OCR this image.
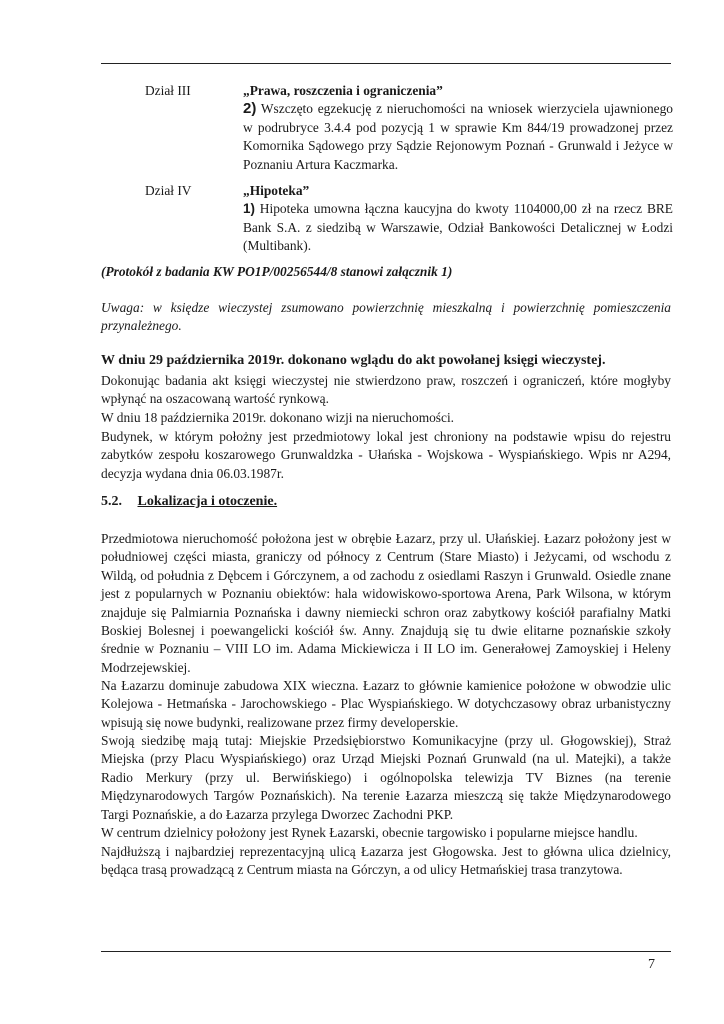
Dział III	„Prawa, roszczenia i ograniczenia”
2) Wszczęto egzekucję z nieruchomości na wniosek wierzyciela ujawnionego w podrubryce 3.4.4 pod pozycją 1 w sprawie Km 844/19 prowadzonej przez Komornika Sądowego przy Sądzie Rejonowym Poznań - Grunwald i Jeżyce w Poznaniu Artura Kaczmarka.
Dział IV	„Hipoteka”
1) Hipoteka umowna łączna kaucyjna do kwoty 1104000,00 zł na rzecz BRE Bank S.A. z siedzibą w Warszawie, Odział Bankowości Detalicznej w Łodzi (Multibank).
(Protokół z badania KW PO1P/00256544/8 stanowi załącznik 1)
Uwaga: w księdze wieczystej zsumowano powierzchnię mieszkalną i powierzchnię pomieszczenia przynależnego.
W dniu 29 października 2019r. dokonano wglądu do akt powołanej księgi wieczystej.
Dokonując badania akt księgi wieczystej nie stwierdzono praw, roszczeń i ograniczeń, które mogłyby wpłynąć na oszacowaną wartość rynkową.
W dniu 18 października 2019r. dokonano wizji na nieruchomości.
Budynek, w którym położny jest przedmiotowy lokal jest chroniony na podstawie wpisu do rejestru zabytków zespołu koszarowego Grunwaldzka - Ułańska - Wojskowa - Wyspiańskiego. Wpis nr A294, decyzja wydana dnia 06.03.1987r.
5.2. Lokalizacja i otoczenie.
Przedmiotowa nieruchomość położona jest w obrębie Łazarz, przy ul. Ułańskiej. Łazarz położony jest w południowej części miasta, graniczy od północy z Centrum (Stare Miasto) i Jeżycami, od wschodu z Wildą, od południa z Dębcem i Górczynem, a od zachodu z osiedlami Raszyn i Grunwald. Osiedle znane jest z popularnych w Poznaniu obiektów: hala widowiskowo-sportowa Arena, Park Wilsona, w którym znajduje się Palmiarnia Poznańska i dawny niemiecki schron oraz zabytkowy kościół parafialny Matki Boskiej Bolesnej i poewangelicki kościół św. Anny. Znajdują się tu dwie elitarne poznańskie szkoły średnie w Poznaniu – VIII LO im. Adama Mickiewicza i II LO im. Generałowej Zamoyskiej i Heleny Modrzejewskiej.
Na Łazarzu dominuje zabudowa XIX wieczna. Łazarz to głównie kamienice położone w obwodzie ulic Kolejowa - Hetmańska - Jarochowskiego - Plac Wyspiańskiego. W dotychczasowy obraz urbanistyczny wpisują się nowe budynki, realizowane przez firmy developerskie.
Swoją siedzibę mają tutaj: Miejskie Przedsiębiorstwo Komunikacyjne (przy ul. Głogowskiej), Straż Miejska (przy Placu Wyspiańskiego) oraz Urząd Miejski Poznań Grunwald (na ul. Matejki), a także Radio Merkury (przy ul. Berwińskiego) i ogólnopolska telewizja TV Biznes (na terenie Międzynarodowych Targów Poznańskich). Na terenie Łazarza mieszczą się także Międzynarodowego Targi Poznańskie, a do Łazarza przylega Dworzec Zachodni PKP.
W centrum dzielnicy położony jest Rynek Łazarski, obecnie targowisko i popularne miejsce handlu.
Najdłuższą i najbardziej reprezentacyjną ulicą Łazarza jest Głogowska. Jest to główna ulica dzielnicy, będąca trasą prowadzącą z Centrum miasta na Górczyn, a od ulicy Hetmańskiej trasa tranzytowa.
7
